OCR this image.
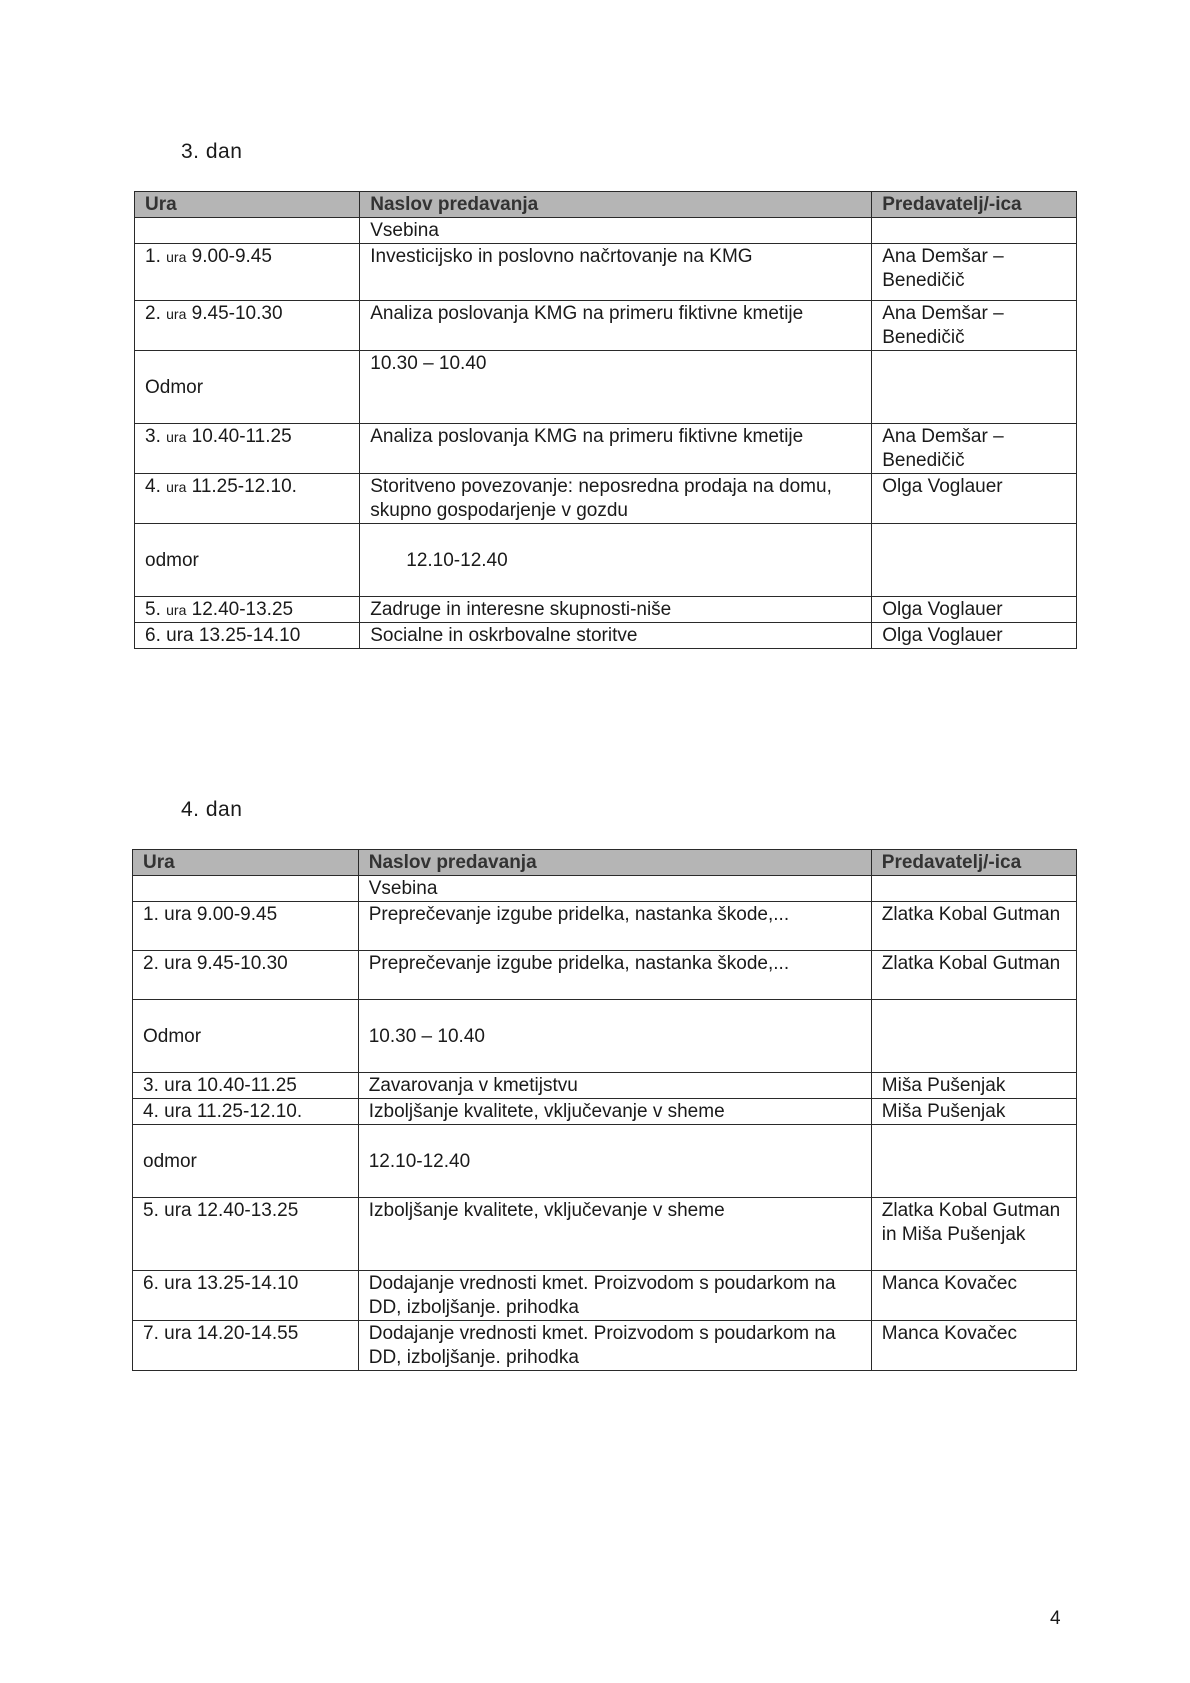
3. dan
Ura	Naslov predavanja	Predavatelj/-ica
	Vsebina	
1. ura 9.00-9.45	Investicijsko in poslovno načrtovanje na KMG	Ana Demšar – Benedičič
2. ura 9.45-10.30	Analiza poslovanja KMG na primeru fiktivne kmetije	Ana Demšar – Benedičič
Odmor	10.30 – 10.40	
3. ura 10.40-11.25	Analiza poslovanja KMG na primeru fiktivne kmetije	Ana Demšar – Benedičič
4. ura 11.25-12.10.	Storitveno povezovanje: neposredna prodaja na domu, skupno gospodarjenje v gozdu	Olga Voglauer
odmor	12.10-12.40	
5. ura 12.40-13.25	Zadruge in interesne skupnosti-niše	Olga Voglauer
6. ura 13.25-14.10	Socialne in oskrbovalne storitve	Olga Voglauer
4. dan
Ura	Naslov predavanja	Predavatelj/-ica
	Vsebina	
1. ura 9.00-9.45	Preprečevanje izgube pridelka, nastanka škode,...	Zlatka Kobal Gutman
2. ura 9.45-10.30	Preprečevanje izgube pridelka, nastanka škode,...	Zlatka Kobal Gutman
Odmor	10.30 – 10.40	
3. ura 10.40-11.25	Zavarovanja v kmetijstvu	Miša Pušenjak
4. ura 11.25-12.10.	Izboljšanje kvalitete, vključevanje v sheme	Miša Pušenjak
odmor	12.10-12.40	
5. ura 12.40-13.25	Izboljšanje kvalitete, vključevanje v sheme	Zlatka Kobal Gutman in Miša Pušenjak
6. ura 13.25-14.10	Dodajanje vrednosti kmet. Proizvodom s poudarkom na DD, izboljšanje. prihodka	Manca Kovačec
7. ura 14.20-14.55	Dodajanje vrednosti kmet. Proizvodom s poudarkom na DD, izboljšanje. prihodka	Manca Kovačec
4
